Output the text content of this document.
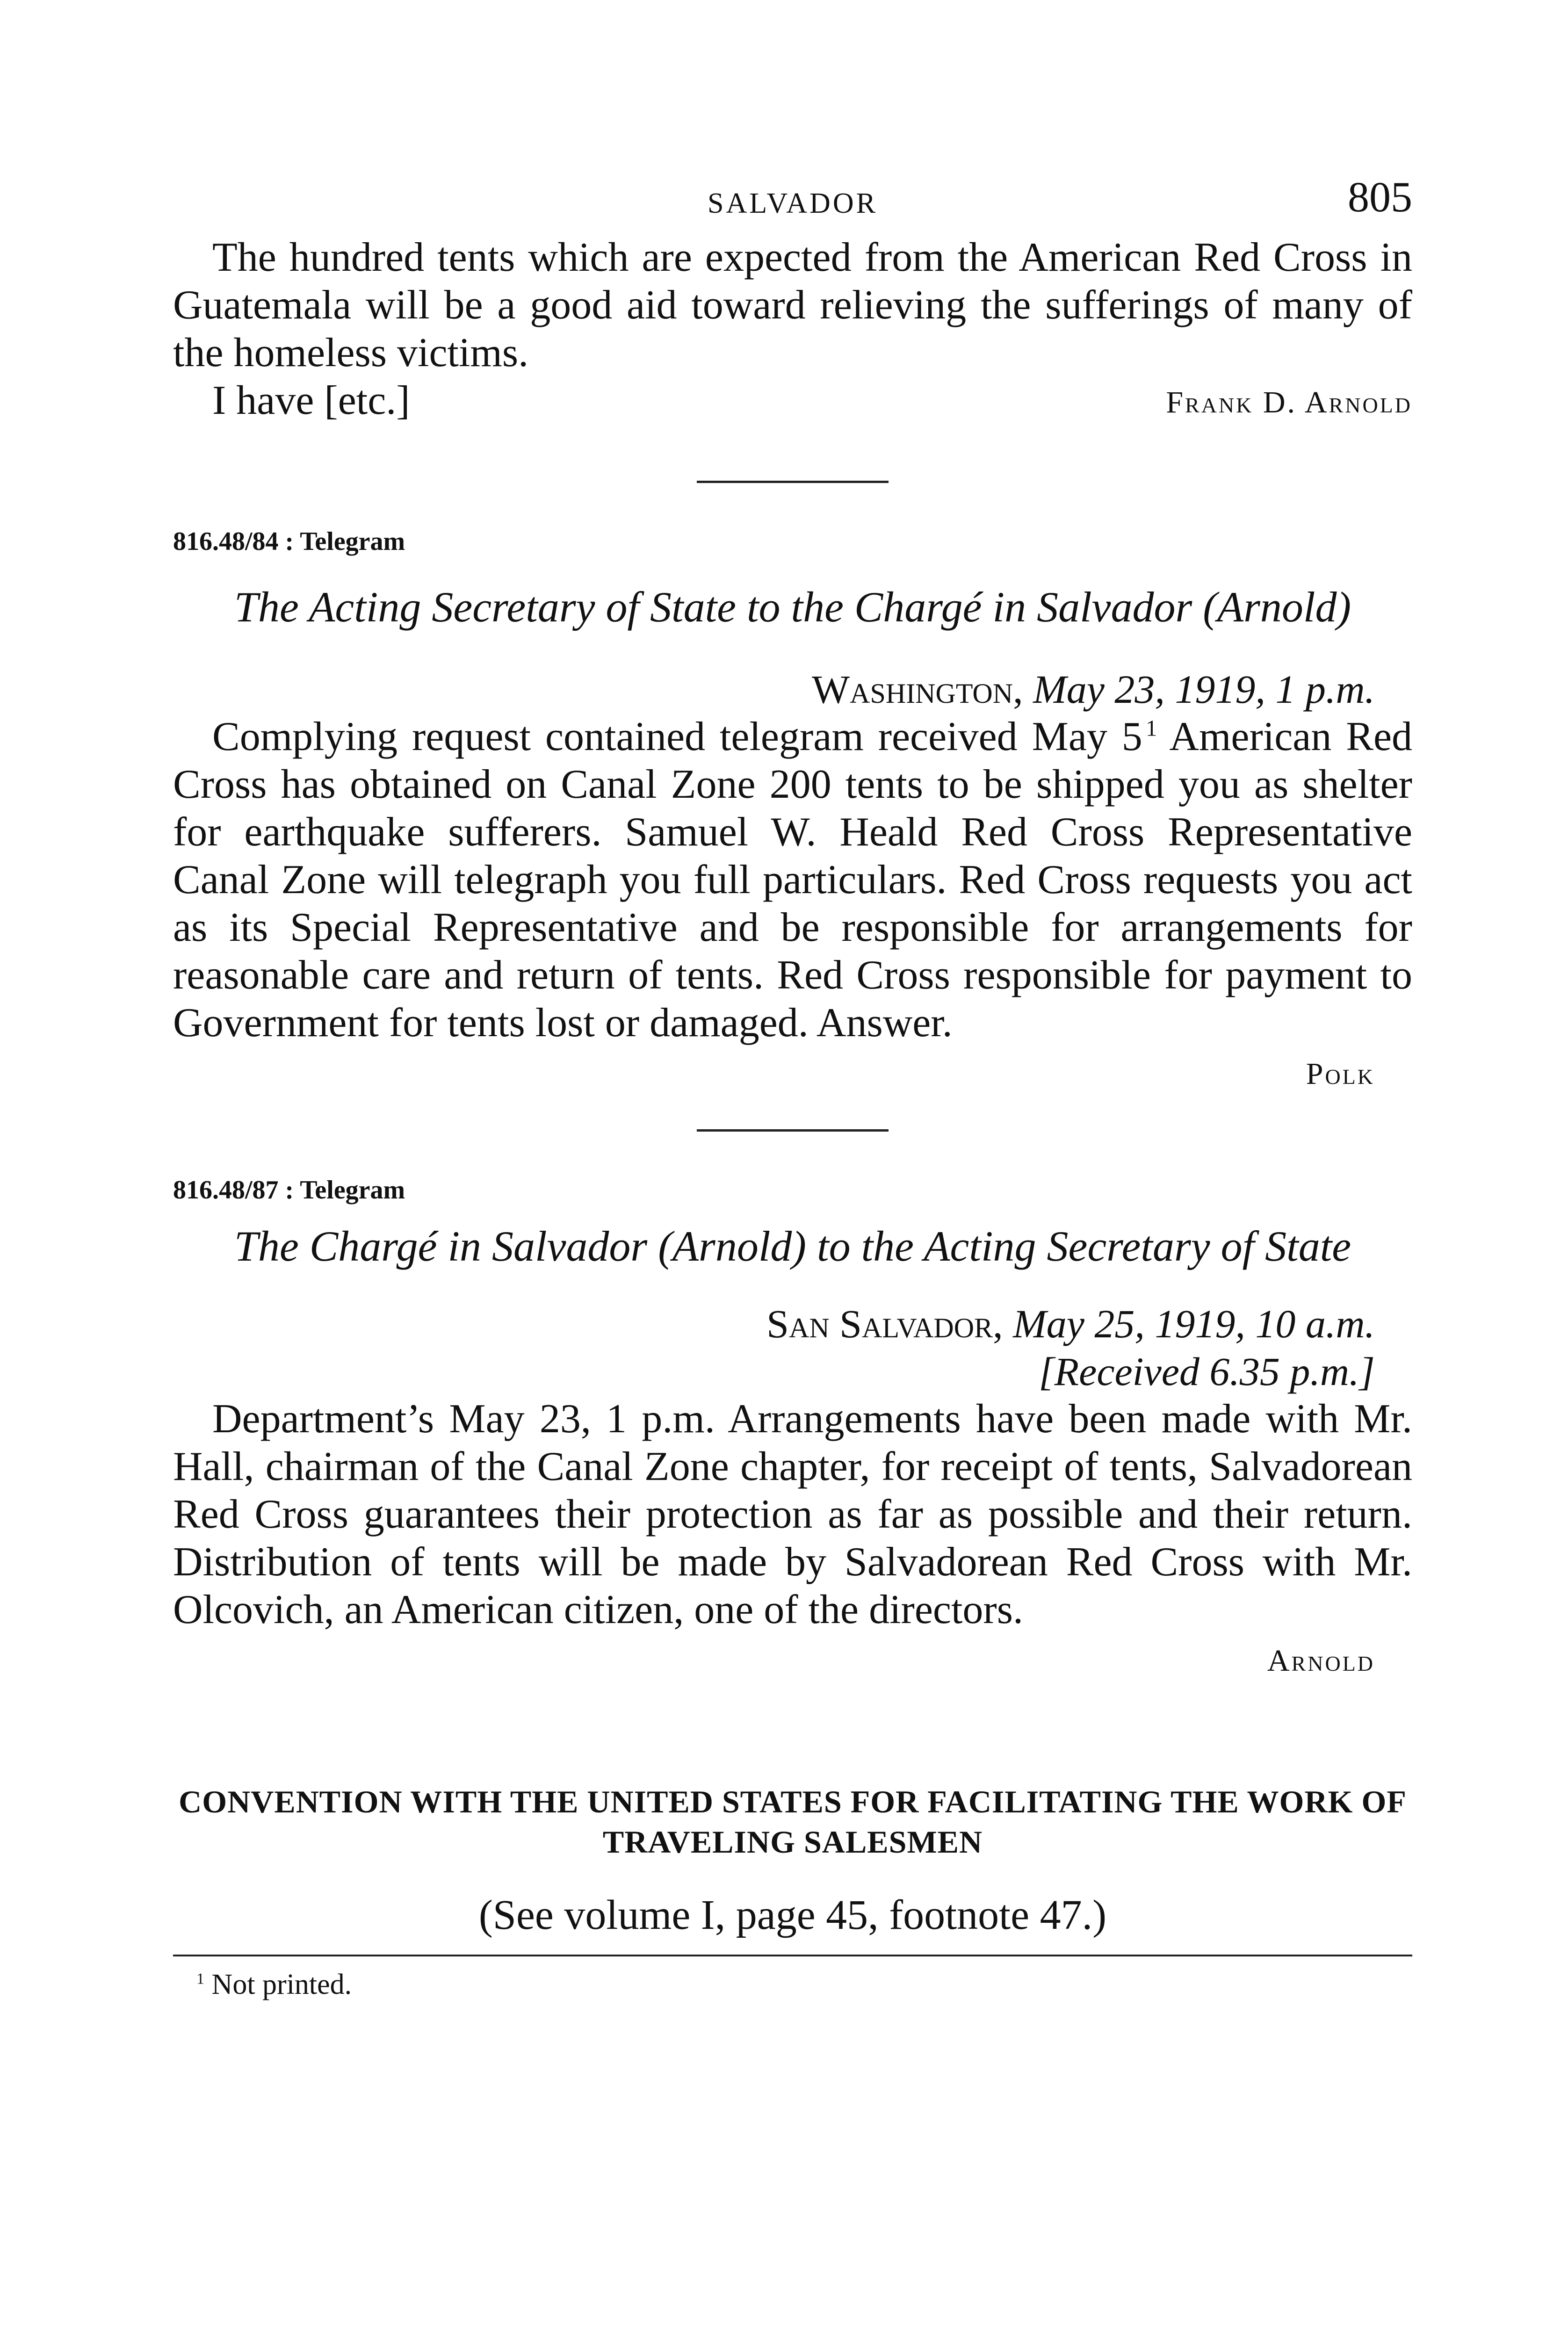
SALVADOR	805

The hundred tents which are expected from the American Red Cross in Guatemala will be a good aid toward relieving the sufferings of many of the homeless victims.

I have [etc.]	Frank D. Arnold
816.48/84 : Telegram
The Acting Secretary of State to the Chargé in Salvador (Arnold)
Washington, May 23, 1919, 1 p.m.

Complying request contained telegram received May 5  $^1$ American Red Cross has obtained on Canal Zone 200 tents to be shipped you as shelter for earthquake sufferers. Samuel W. Heald Red Cross Representative Canal Zone will telegraph you full particulars. Red Cross requests you act as its Special Representative and be responsible for arrangements for reasonable care and return of tents. Red Cross responsible for payment to Government for tents lost or damaged. Answer.

Polk
816.48/87 : Telegram
The Chargé in Salvador (Arnold) to the Acting Secretary of State
San Salvador, May 25, 1919, 10 a.m.
[Received 6.35 p.m.]

Department’s May 23, 1 p.m. Arrangements have been made with Mr. Hall, chairman of the Canal Zone chapter, for receipt of tents, Salvadorean Red Cross guarantees their protection as far as possible and their return. Distribution of tents will be made by Salvadorean Red Cross with Mr. Olcovich, an American citizen, one of the directors.

Arnold
CONVENTION WITH THE UNITED STATES FOR FACILITATING THE WORK OF TRAVELING SALESMEN
(See volume I, page 45, footnote 47.)
$^1$ Not printed.
